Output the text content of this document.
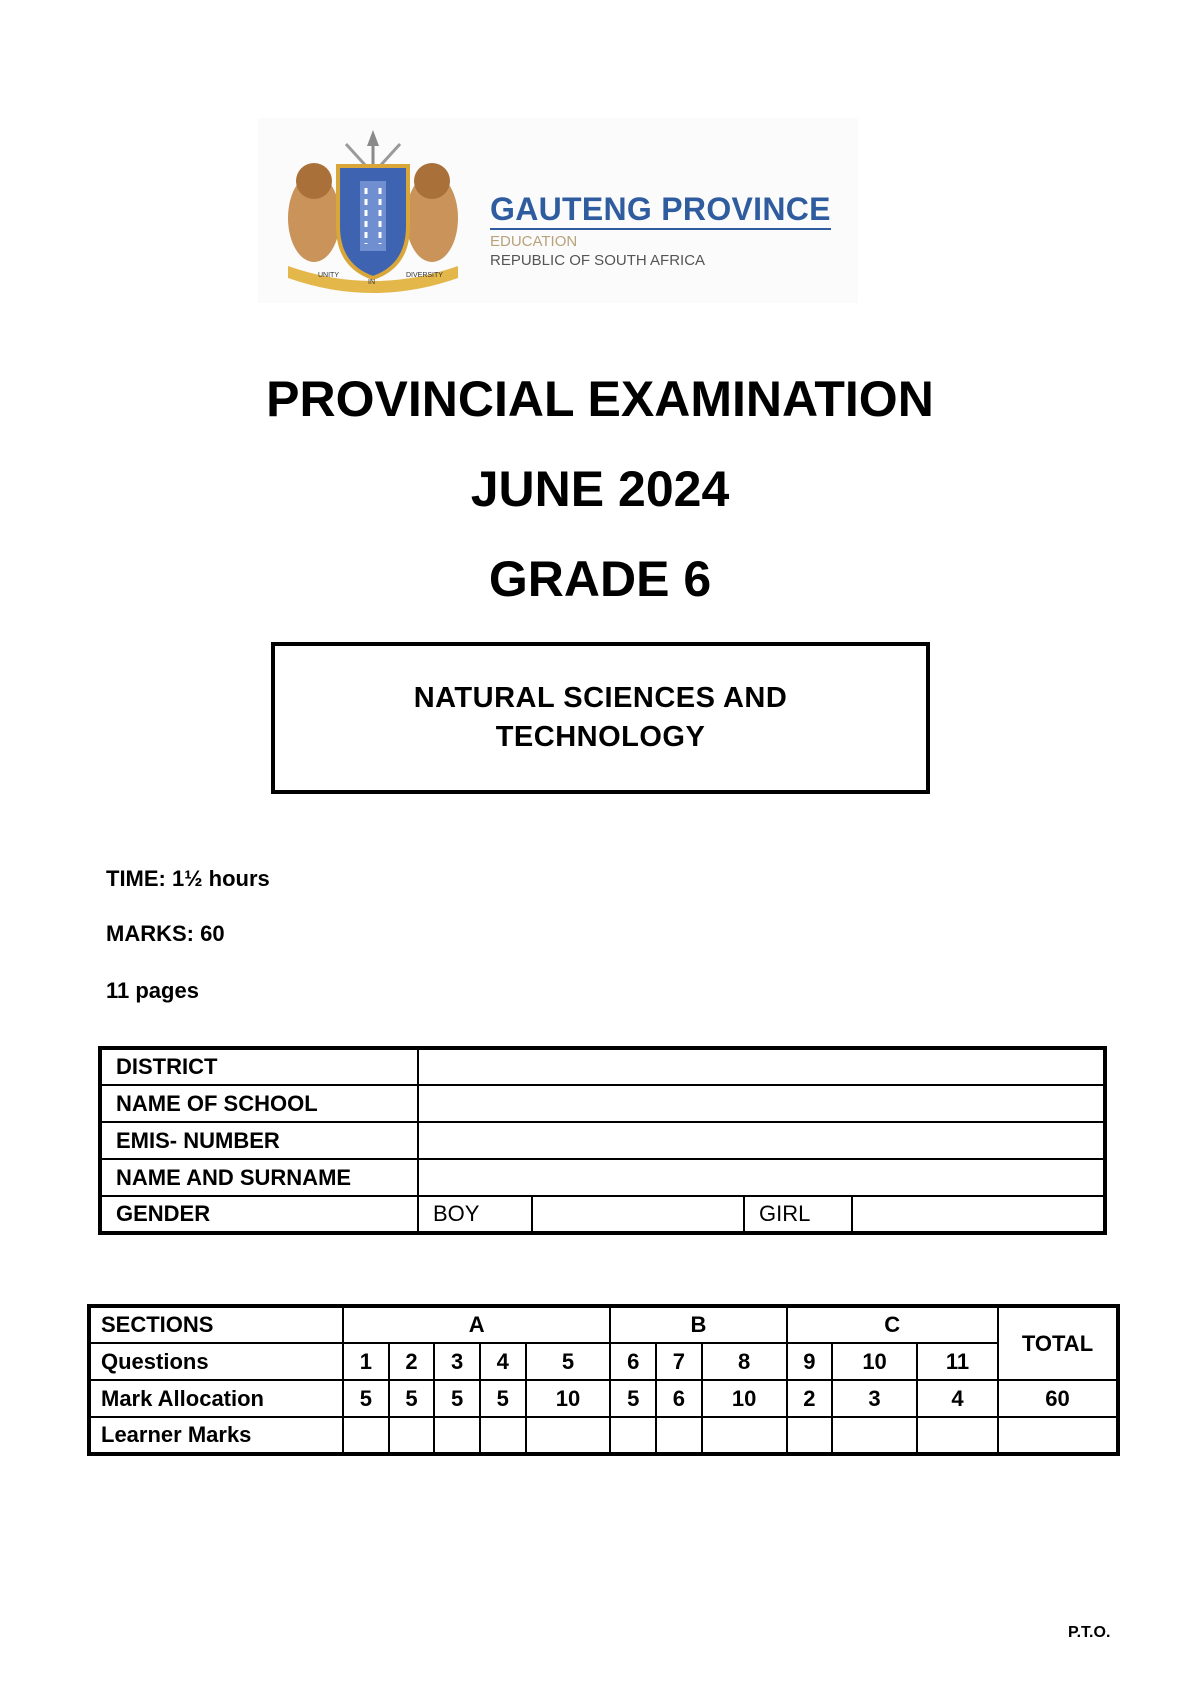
UNITY
IN
DIVERSITY
GAUTENG PROVINCE
EDUCATION
REPUBLIC OF SOUTH AFRICA
PROVINCIAL EXAMINATION
JUNE 2024
GRADE 6
NATURAL SCIENCES AND TECHNOLOGY
TIME: 1½ hours
MARKS: 60
11 pages
DISTRICT				
NAME OF SCHOOL				
EMIS- NUMBER				
NAME AND SURNAME				
GENDER	BOY		GIRL	
SECTIONS	A					B			C			TOTAL
Questions	1	2	3	4	5	6	7	8	9	10	11	
Mark Allocation	5	5	5	5	10	5	6	10	2	3	4	60
Learner Marks												
P.T.O.
